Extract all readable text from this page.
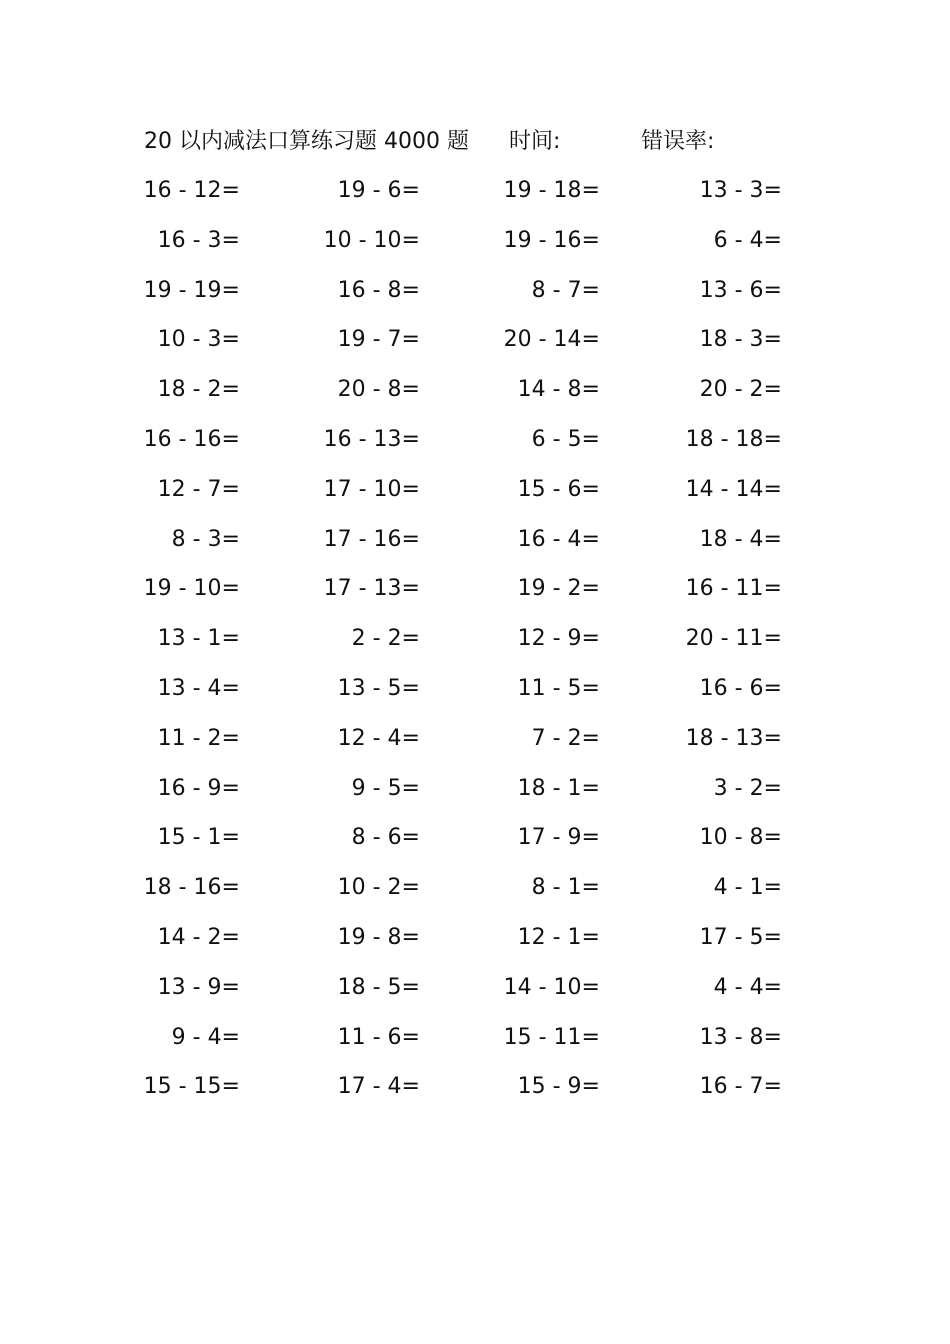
20 以内减法口算练习题 4000 题 时间:	错误率:
16 - 12=	19 - 6=	19 - 18=	13 - 3=
16 - 3=	10 - 10=	19 - 16=	6 - 4=
19 - 19=	16 - 8=	8 - 7=	13 - 6=
10 - 3=	19 - 7=	20 - 14=	18 - 3=
18 - 2=	20 - 8=	14 - 8=	20 - 2=
16 - 16=	16 - 13=	6 - 5=	18 - 18=
12 - 7=	17 - 10=	15 - 6=	14 - 14=
8 - 3=	17 - 16=	16 - 4=	18 - 4=
19 - 10=	17 - 13=	19 - 2=	16 - 11=
13 - 1=	2 - 2=	12 - 9=	20 - 11=
13 - 4=	13 - 5=	11 - 5=	16 - 6=
11 - 2=	12 - 4=	7 - 2=	18 - 13=
16 - 9=	9 - 5=	18 - 1=	3 - 2=
15 - 1=	8 - 6=	17 - 9=	10 - 8=
18 - 16=	10 - 2=	8 - 1=	4 - 1=
14 - 2=	19 - 8=	12 - 1=	17 - 5=
13 - 9=	18 - 5=	14 - 10=	4 - 4=
9 - 4=	11 - 6=	15 - 11=	13 - 8=
15 - 15=	17 - 4=	15 - 9=	16 - 7=
